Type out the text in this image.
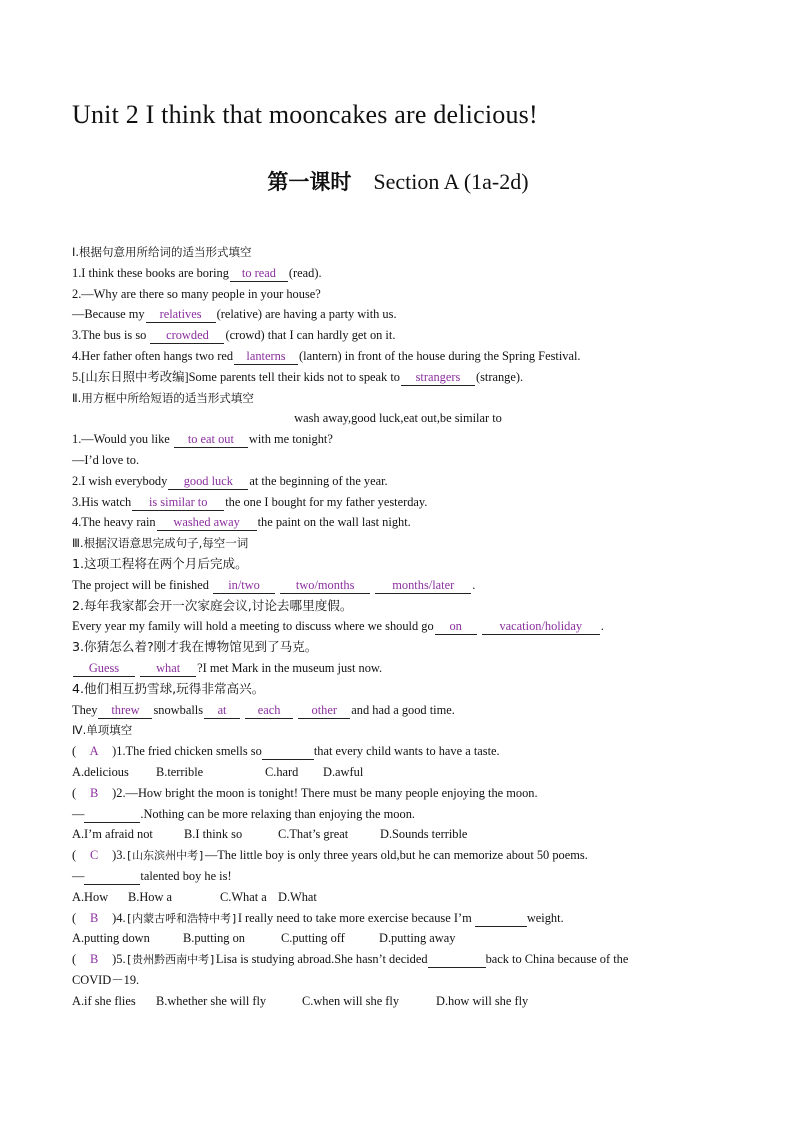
Unit 2 I think that mooncakes are delicious!
第一课时 Section A (1a-2d)
Ⅰ.根据句意用所给词的适当形式填空
1.I think these books are boring to read (read).
2.—Why are there so many people in your house?
—Because my relatives (relative) are having a party with us.
3.The bus is so crowded (crowd) that I can hardly get on it.
4.Her father often hangs two red lanterns (lantern) in front of the house during the Spring Festival.
5.[山东日照中考改编]Some parents tell their kids not to speak to strangers (strange).
Ⅱ.用方框中所给短语的适当形式填空
wash away,good luck,eat out,be similar to
1.—Would you like to eat out with me tonight?
—I’d love to.
2.I wish everybody good luck at the beginning of the year.
3.His watch is similar to the one I bought for my father yesterday.
4.The heavy rain washed away the paint on the wall last night.
Ⅲ.根据汉语意思完成句子,每空一词
1.这项工程将在两个月后完成。
The project will be finished in/two	two/months	months/later .
2.每年我家都会开一次家庭会议,讨论去哪里度假。
Every year my family will hold a meeting to discuss where we should go on	vacation/holiday .
3.你猜怎么着?刚才我在博物馆见到了马克。
Guess	what ?I met Mark in the museum just now.
4.他们相互扔雪球,玩得非常高兴。
They threw snowballs at	each	other and had a good time.
Ⅳ.单项填空
( A )1.The fried chicken smells so	that every child wants to have a taste.
A.delicious B.terrible	C.hard D.awful
( B )2.—How bright the moon is tonight! There must be many people enjoying the moon.
—	.Nothing can be more relaxing than enjoying the moon.
A.I’m afraid not	B.I think so	C.That’s great	D.Sounds terrible
( C )3.[山东滨州中考]—The little boy is only three years old,but he can memorize about 50 poems.
—	talented boy he is!
A.How B.How a	C.What a D.What
( B )4.[内蒙古呼和浩特中考]I really need to take more exercise because I’m	weight.
A.putting down	B.putting on	C.putting off	D.putting away
( B )5.[贵州黔西南中考]Lisa is studying abroad.She hasn’t decided	back to China because of the
COVID－19.
A.if she flies B.whether she will fly	C.when will she fly	D.how will she fly
